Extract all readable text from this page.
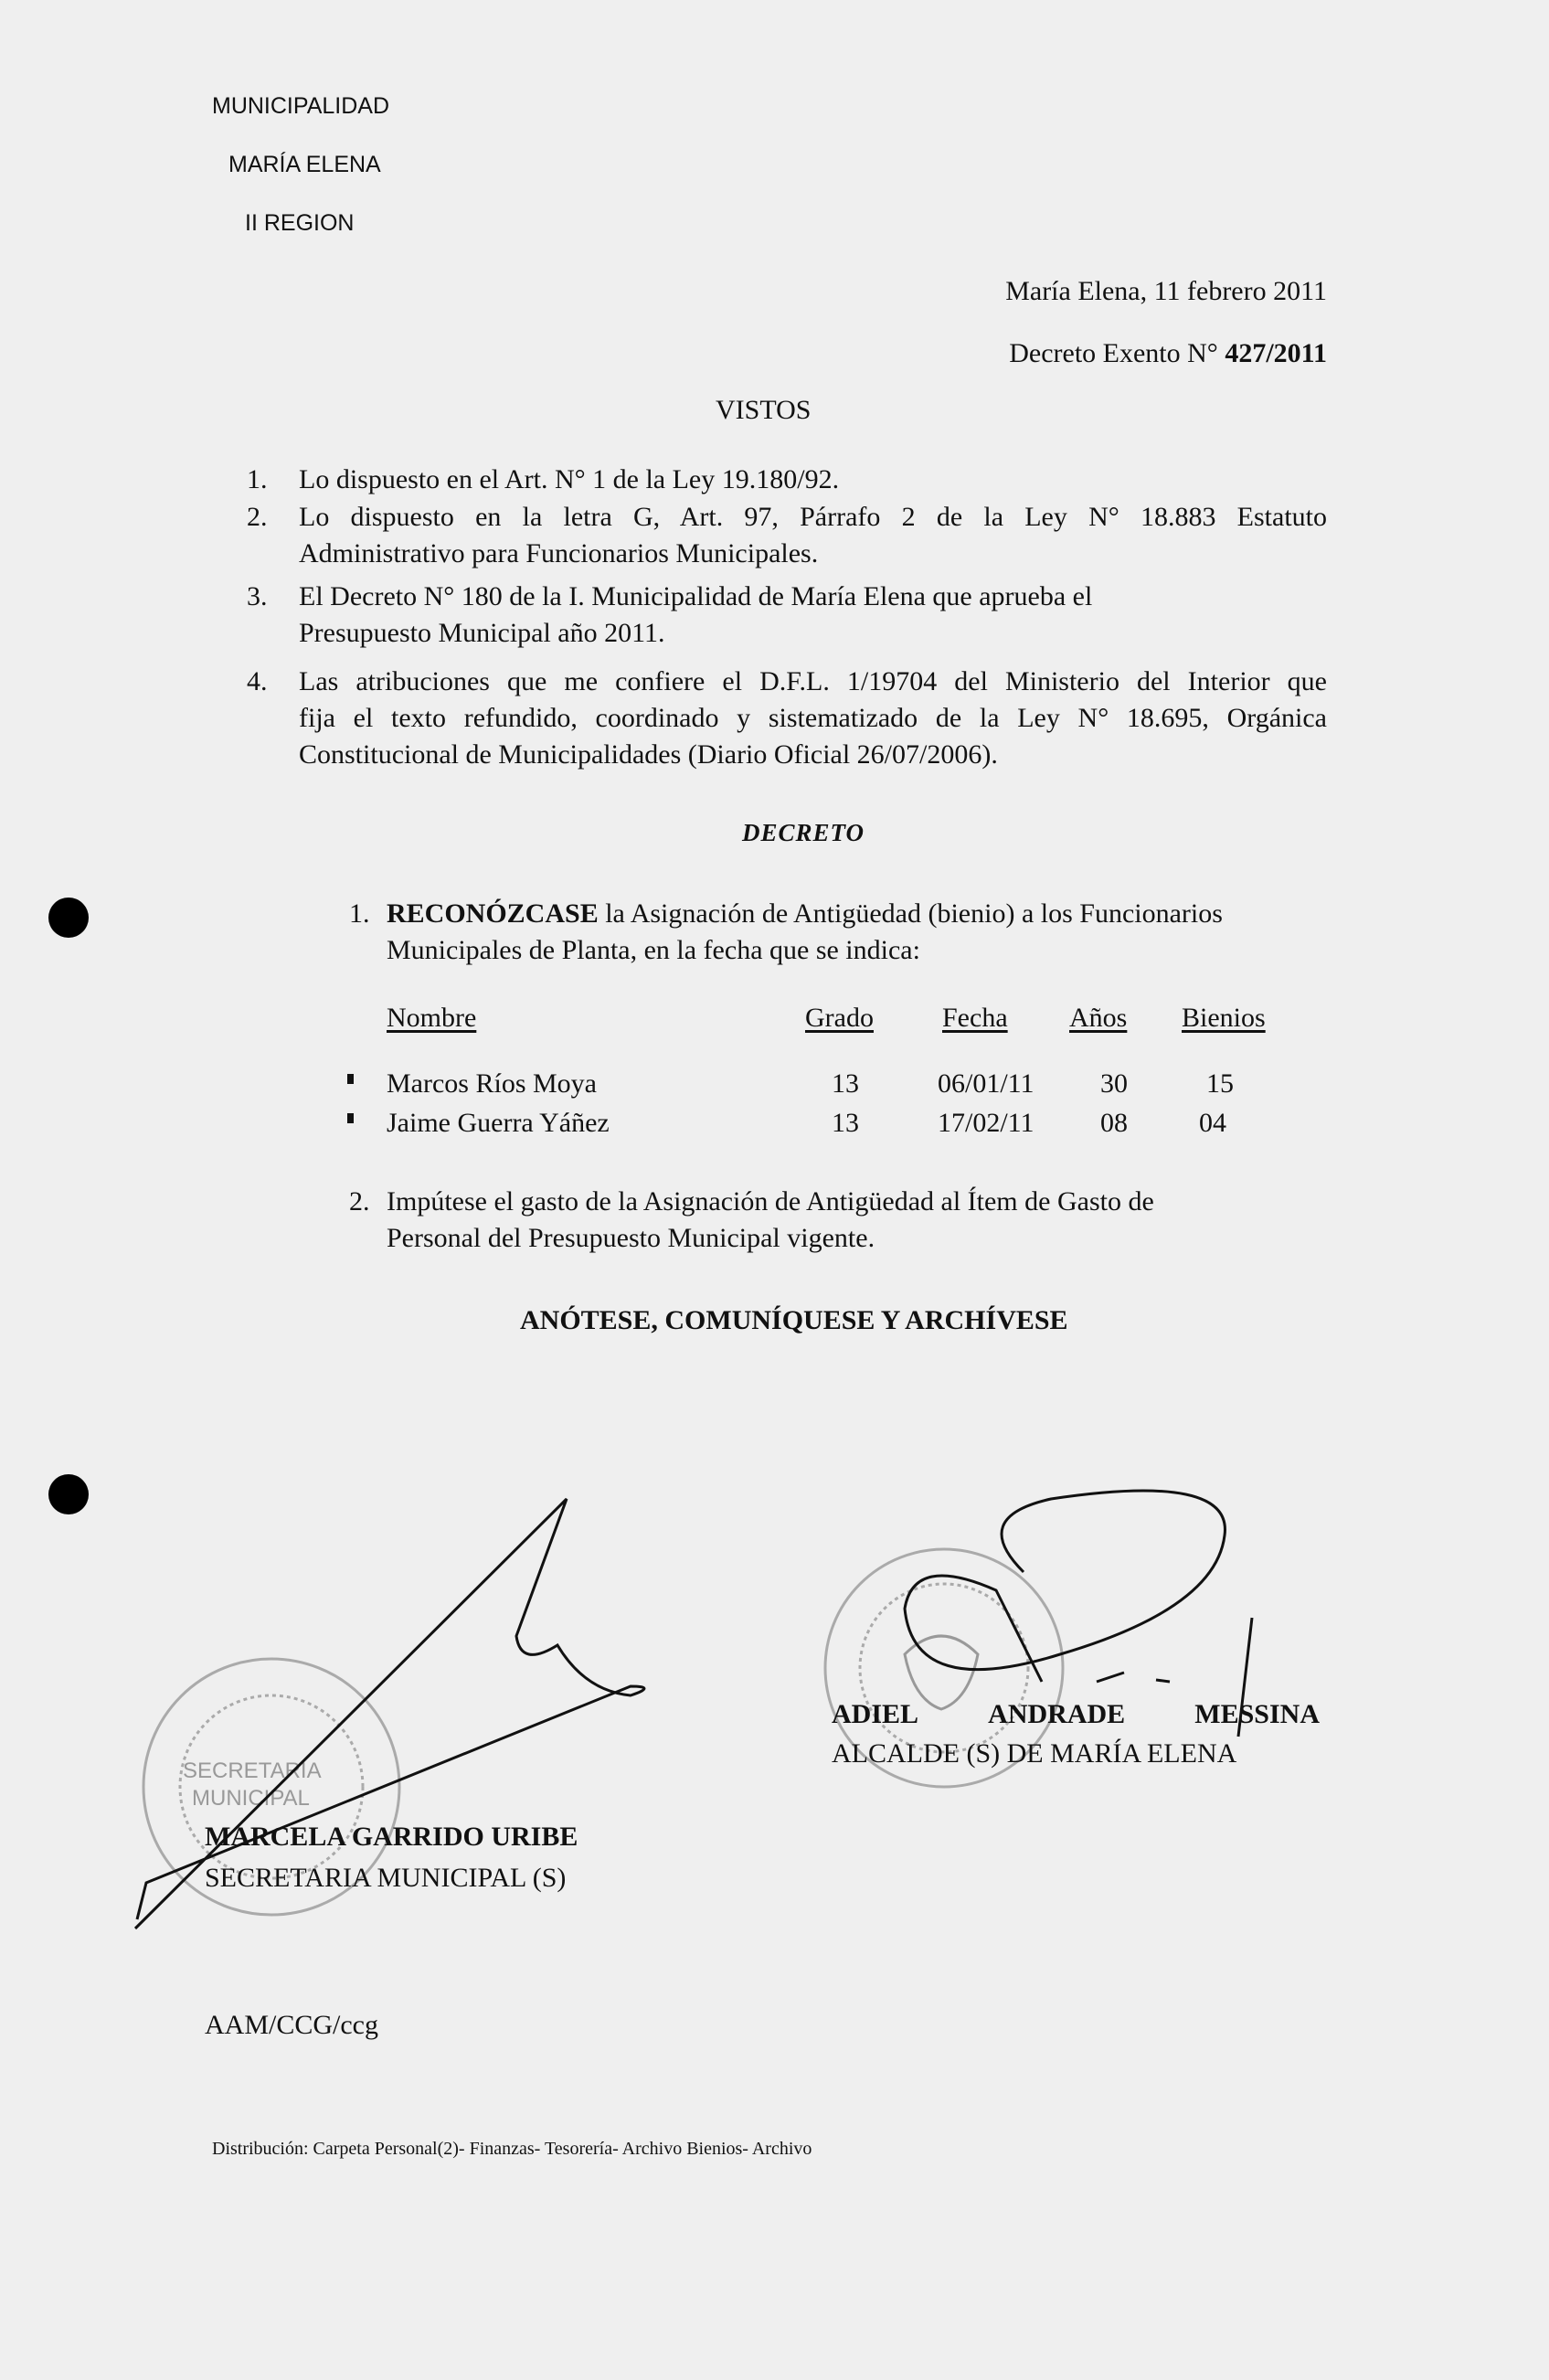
MUNICIPALIDAD
MARÍA ELENA
II REGION
María Elena, 11 febrero 2011
Decreto Exento N° 427/2011
VISTOS
1. Lo dispuesto en el Art. N° 1 de la Ley 19.180/92.
2. Lo dispuesto en la letra G, Art. 97, Párrafo 2 de la Ley N° 18.883 Estatuto
Administrativo para Funcionarios Municipales.
3. El Decreto N° 180 de la I. Municipalidad de María Elena que aprueba el
Presupuesto Municipal año 2011.
4. Las atribuciones que me confiere el D.F.L. 1/19704 del Ministerio del Interior que
fija el texto refundido, coordinado y sistematizado de la Ley N° 18.695, Orgánica
Constitucional de Municipalidades (Diario Oficial 26/07/2006).
DECRETO
1. RECONÓZCASE la Asignación de Antigüedad (bienio) a los Funcionarios
Municipales de Planta, en la fecha que se indica:
Nombre	Grado	Fecha Años Bienios
Marcos Ríos Moya	13	06/01/11 30	15
Jaime Guerra Yáñez	13	17/02/11 08	04
2. Impútese el gasto de la Asignación de Antigüedad al Ítem de Gasto de
Personal del Presupuesto Municipal vigente.
ANÓTESE, COMUNÍQUESE Y ARCHÍVESE
SECRETARIA
MUNICIPAL
ADIEL	ANDRADE	MESSINA
ALCALDE (S) DE MARÍA ELENA
MARCELA GARRIDO URIBE
SECRETARIA MUNICIPAL (S)
AAM/CCG/ccg
Distribución: Carpeta Personal(2)- Finanzas- Tesorería- Archivo Bienios- Archivo
